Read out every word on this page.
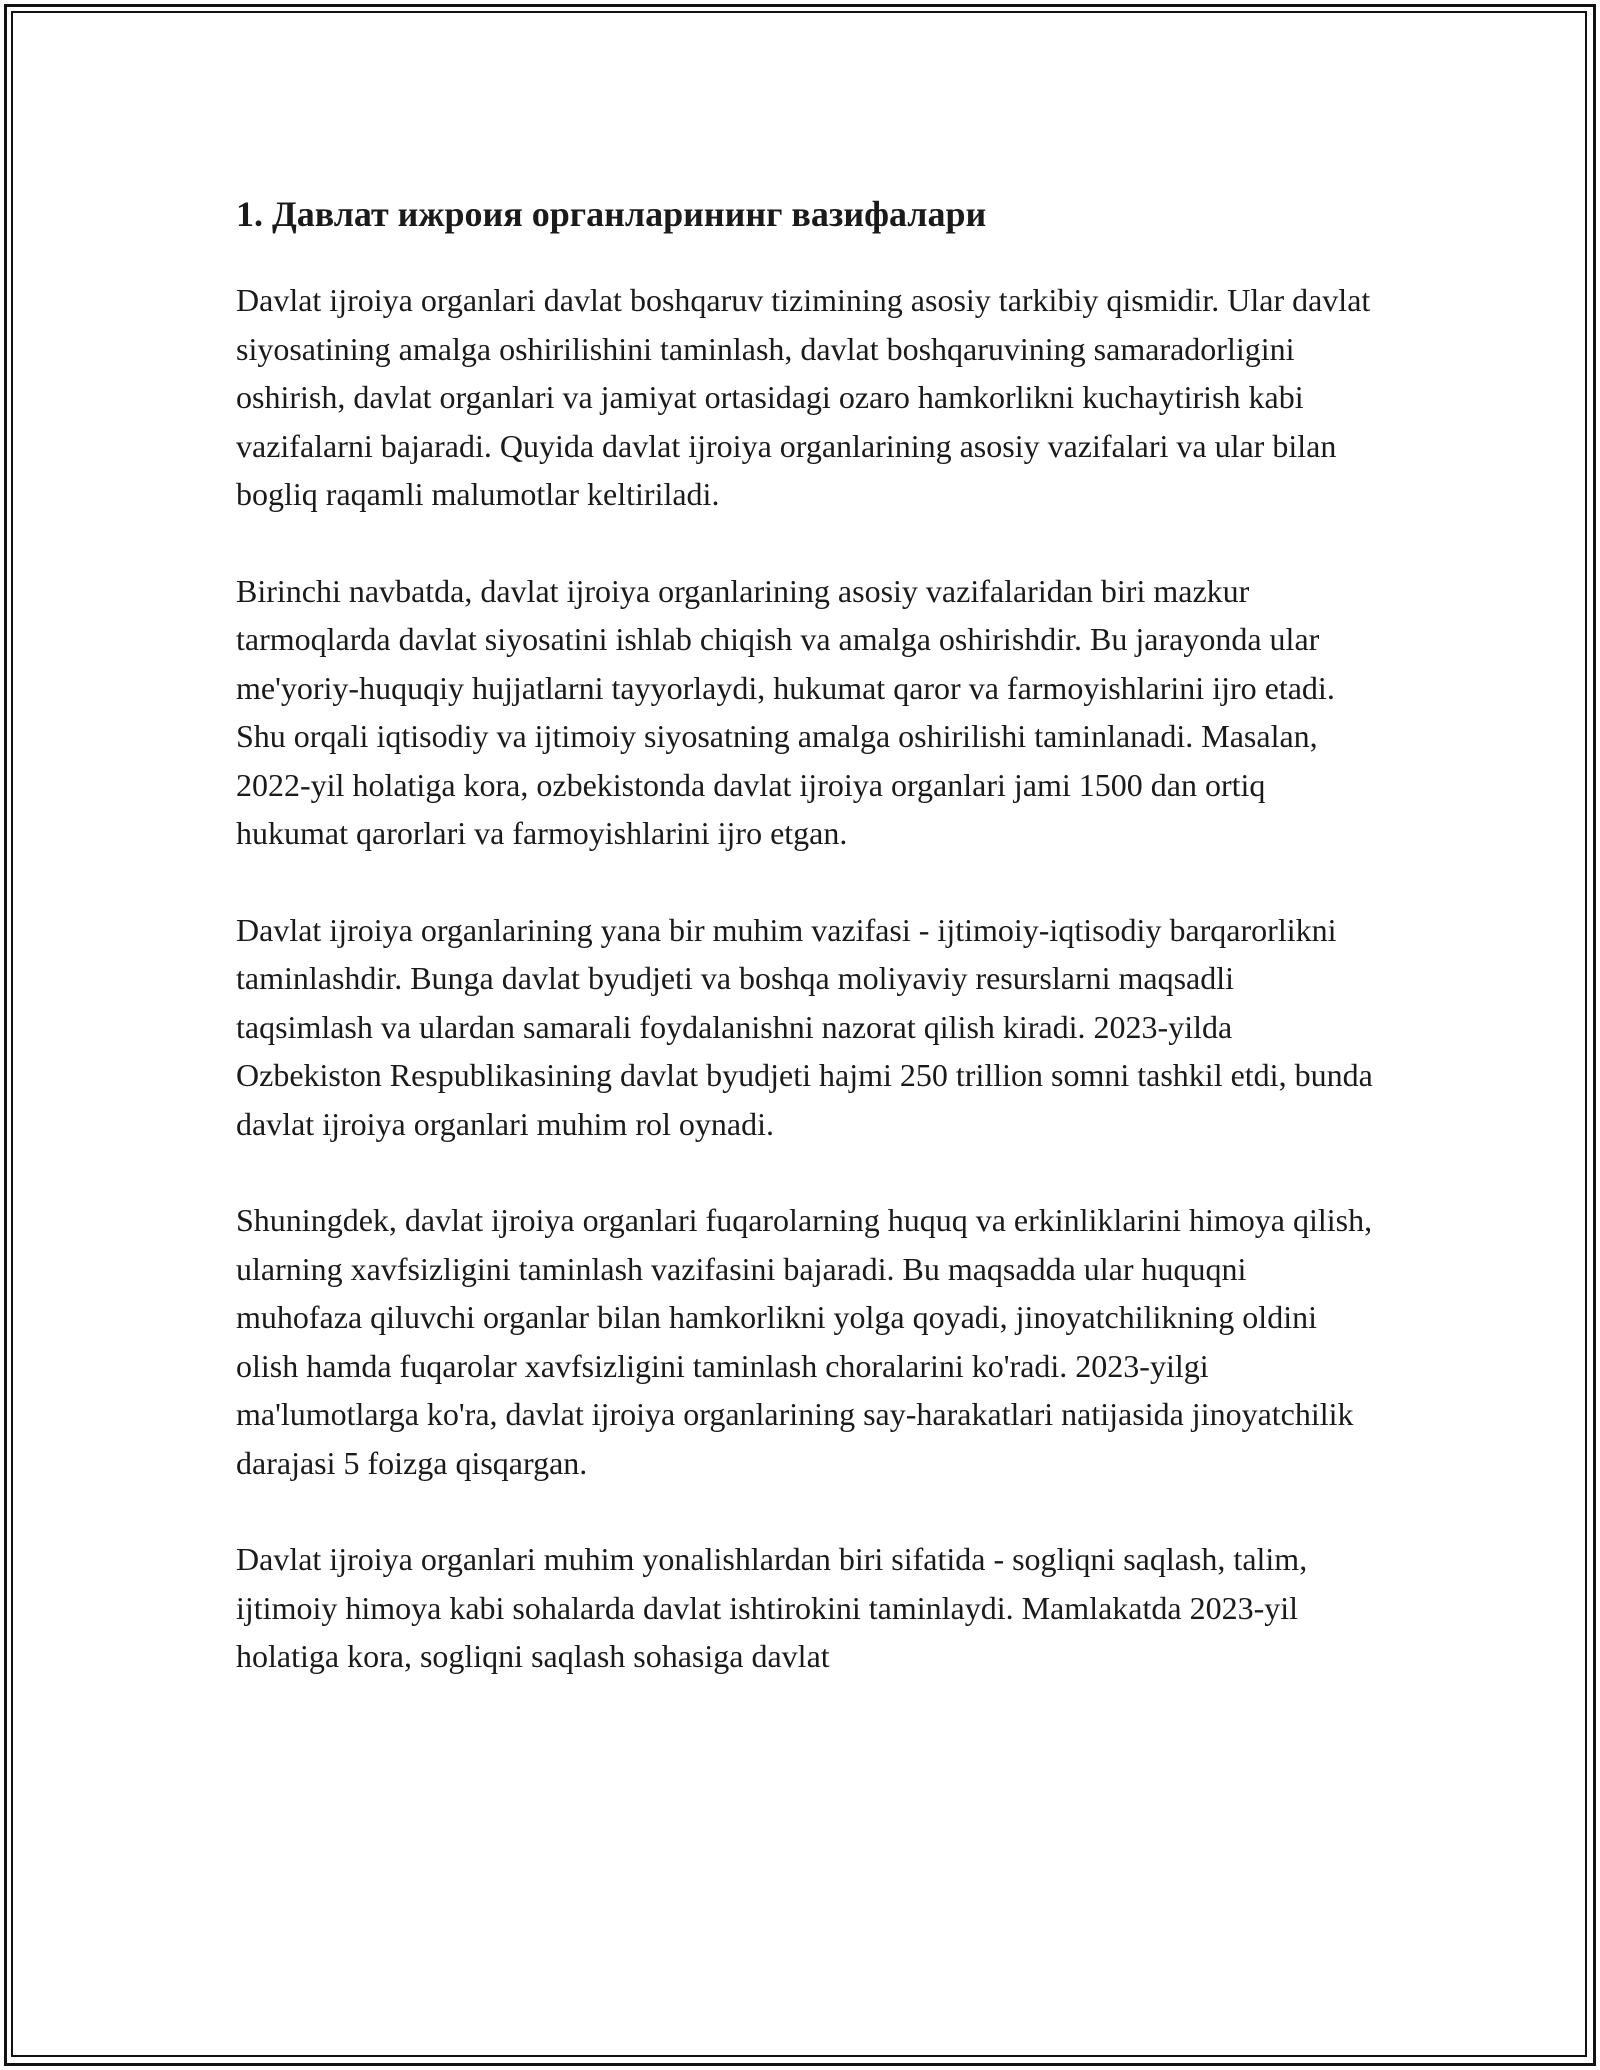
1. Давлат ижроия органларининг вазифалари

Davlat ijroiya organlari davlat boshqaruv tizimining asosiy tarkibiy qismidir. Ular davlat siyosatining amalga oshirilishini taminlash, davlat boshqaruvining samaradorligini oshirish, davlat organlari va jamiyat ortasidagi ozaro hamkorlikni kuchaytirish kabi vazifalarni bajaradi. Quyida davlat ijroiya organlarining asosiy vazifalari va ular bilan bogliq raqamli malumotlar keltiriladi.

Birinchi navbatda, davlat ijroiya organlarining asosiy vazifalaridan biri mazkur tarmoqlarda davlat siyosatini ishlab chiqish va amalga oshirishdir. Bu jarayonda ular me'yoriy-huquqiy hujjatlarni tayyorlaydi, hukumat qaror va farmoyishlarini ijro etadi. Shu orqali iqtisodiy va ijtimoiy siyosatning amalga oshirilishi taminlanadi. Masalan, 2022-yil holatiga kora, ozbekistonda davlat ijroiya organlari jami 1500 dan ortiq hukumat qarorlari va farmoyishlarini ijro etgan.

Davlat ijroiya organlarining yana bir muhim vazifasi - ijtimoiy-iqtisodiy barqarorlikni taminlashdir. Bunga davlat byudjeti va boshqa moliyaviy resurslarni maqsadli taqsimlash va ulardan samarali foydalanishni nazorat qilish kiradi. 2023-yilda Ozbekiston Respublikasining davlat byudjeti hajmi 250 trillion somni tashkil etdi, bunda davlat ijroiya organlari muhim rol oynadi.

Shuningdek, davlat ijroiya organlari fuqarolarning huquq va erkinliklarini himoya qilish, ularning xavfsizligini taminlash vazifasini bajaradi. Bu maqsadda ular huquqni muhofaza qiluvchi organlar bilan hamkorlikni yolga qoyadi, jinoyatchilikning oldini olish hamda fuqarolar xavfsizligini taminlash choralarini ko'radi. 2023-yilgi ma'lumotlarga ko'ra, davlat ijroiya organlarining say-harakatlari natijasida jinoyatchilik darajasi 5 foizga qisqargan.

Davlat ijroiya organlari muhim yonalishlardan biri sifatida - sogliqni saqlash, talim, ijtimoiy himoya kabi sohalarda davlat ishtirokini taminlaydi. Mamlakatda 2023-yil holatiga kora, sogliqni saqlash sohasiga davlat
